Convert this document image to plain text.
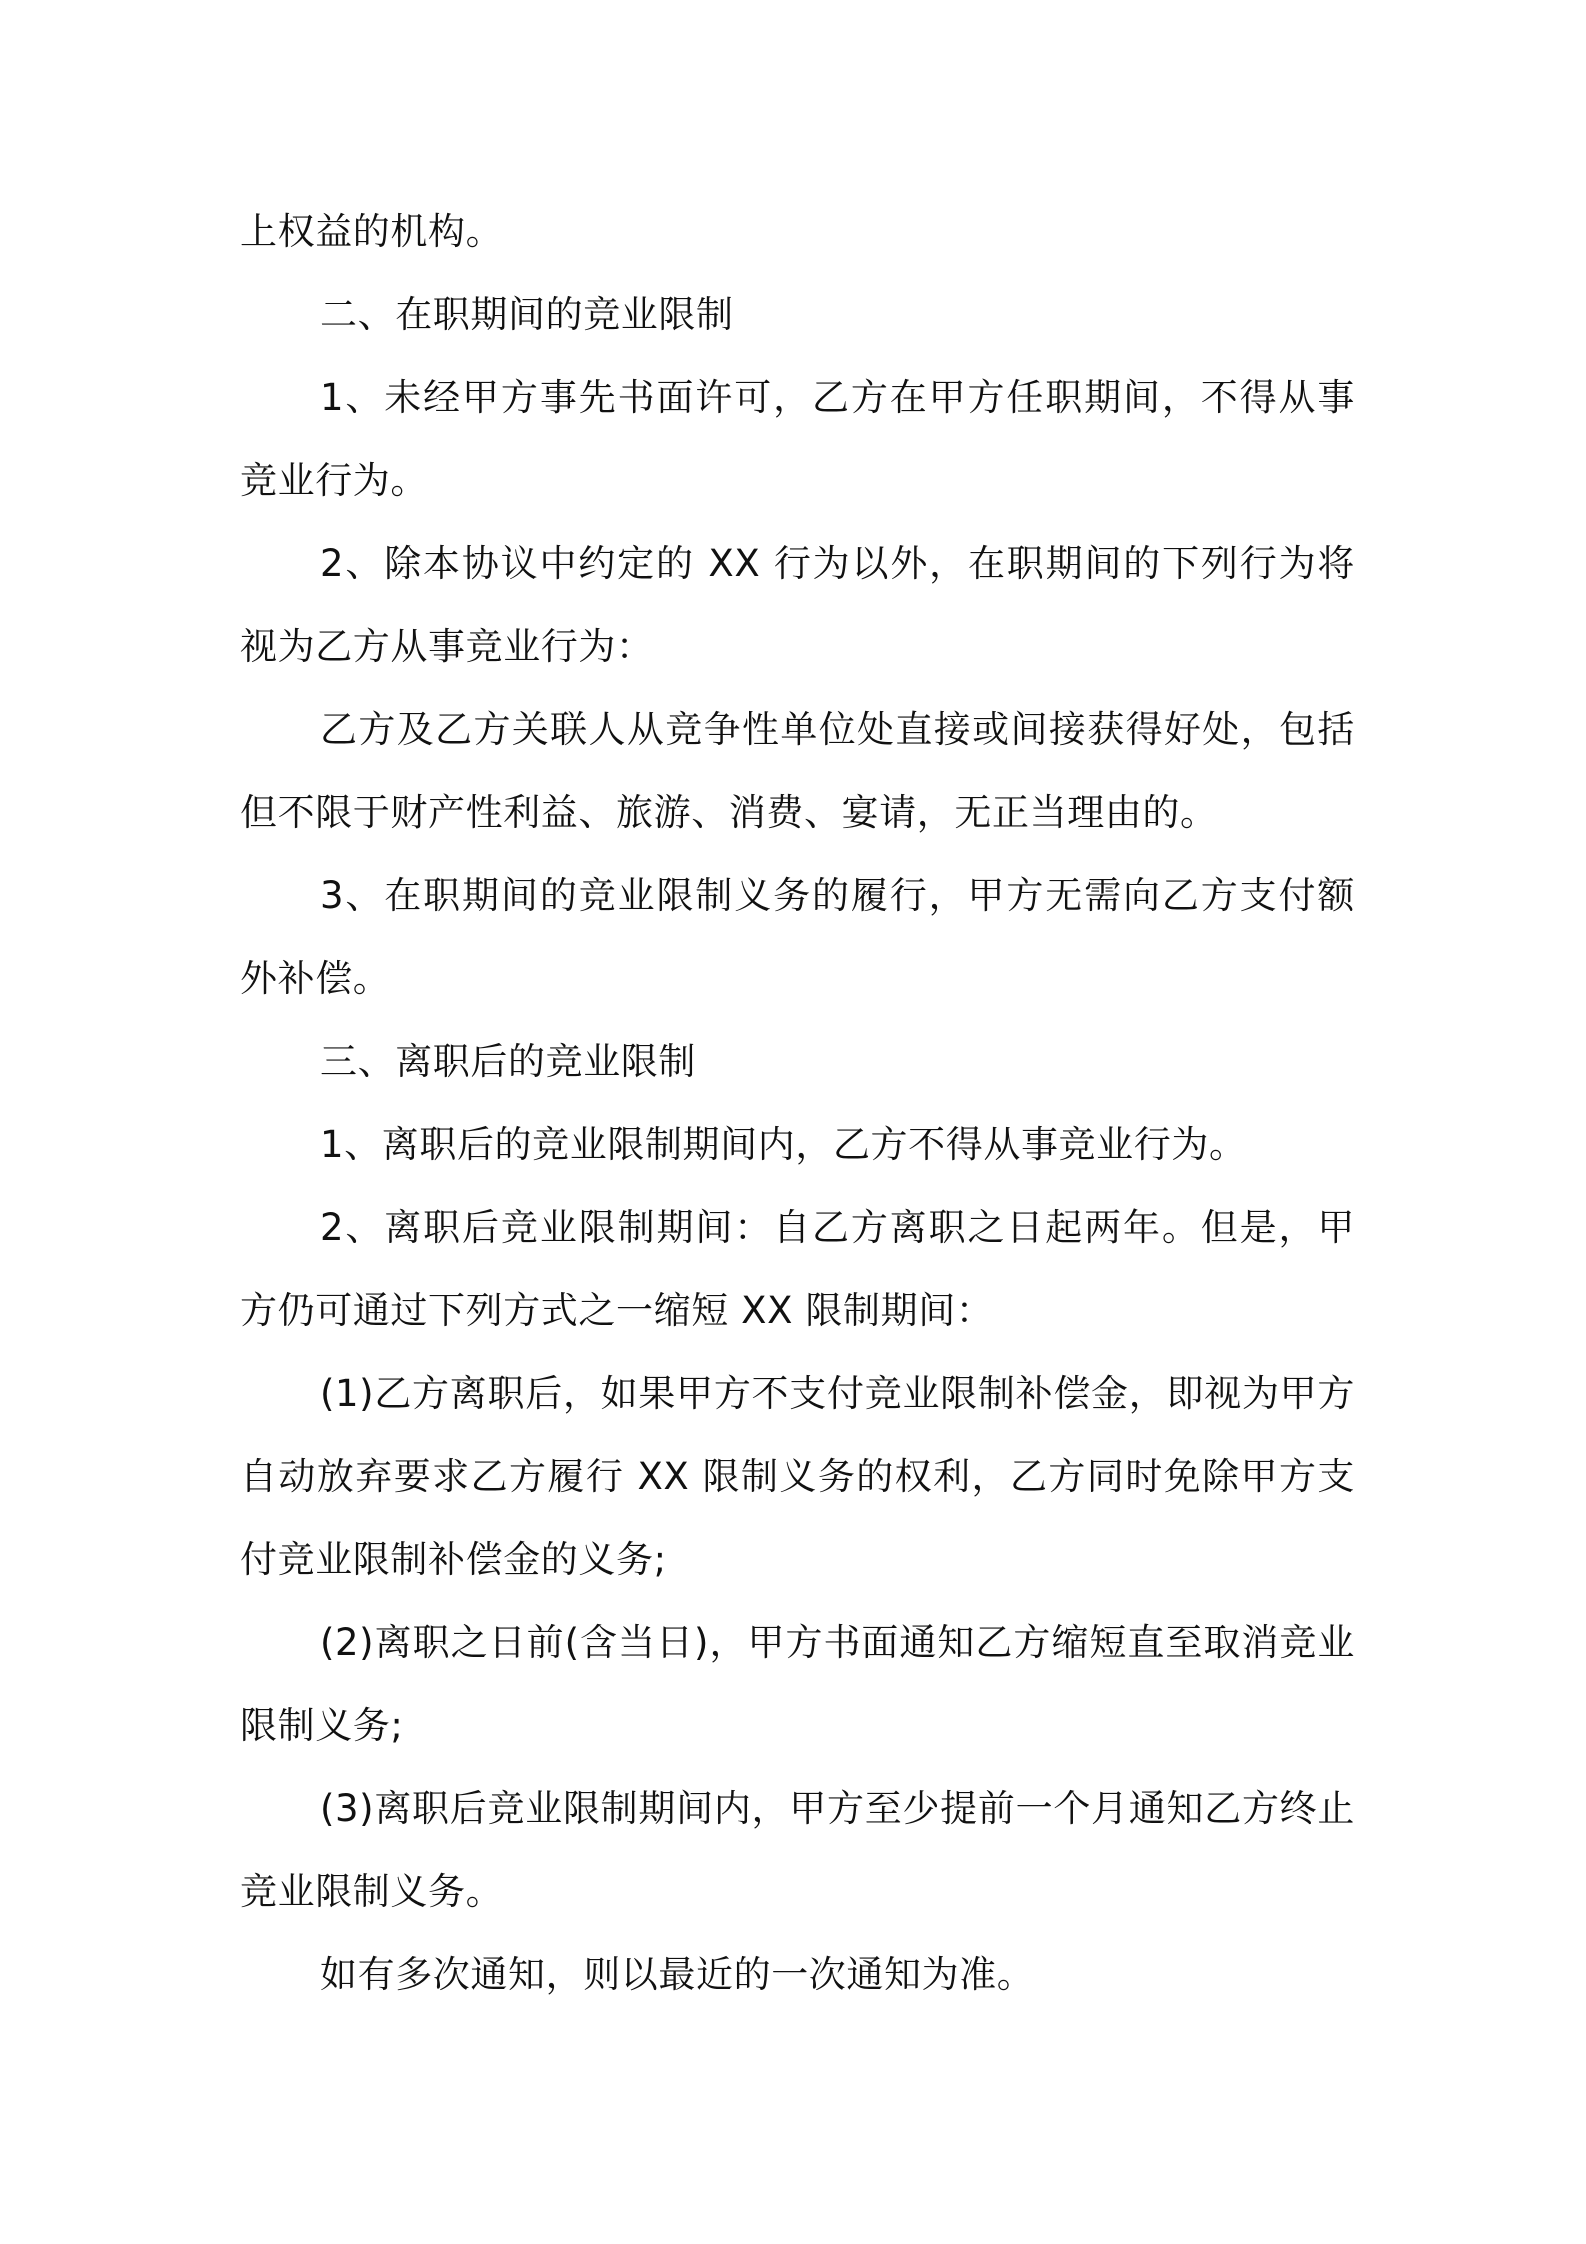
上权益的机构。

二、在职期间的竞业限制

1、未经甲方事先书面许可，乙方在甲方任职期间，不得从事竞业行为。

2、除本协议中约定的 XX 行为以外，在职期间的下列行为将视为乙方从事竞业行为：

乙方及乙方关联人从竞争性单位处直接或间接获得好处，包括但不限于财产性利益、旅游、消费、宴请，无正当理由的。

3、在职期间的竞业限制义务的履行，甲方无需向乙方支付额外补偿。

三、离职后的竞业限制

1、离职后的竞业限制期间内，乙方不得从事竞业行为。

2、离职后竞业限制期间：自乙方离职之日起两年。但是，甲方仍可通过下列方式之一缩短 XX 限制期间：

(1)乙方离职后，如果甲方不支付竞业限制补偿金，即视为甲方自动放弃要求乙方履行 XX 限制义务的权利，乙方同时免除甲方支付竞业限制补偿金的义务;

(2)离职之日前(含当日)，甲方书面通知乙方缩短直至取消竞业限制义务;

(3)离职后竞业限制期间内，甲方至少提前一个月通知乙方终止竞业限制义务。

如有多次通知，则以最近的一次通知为准。
